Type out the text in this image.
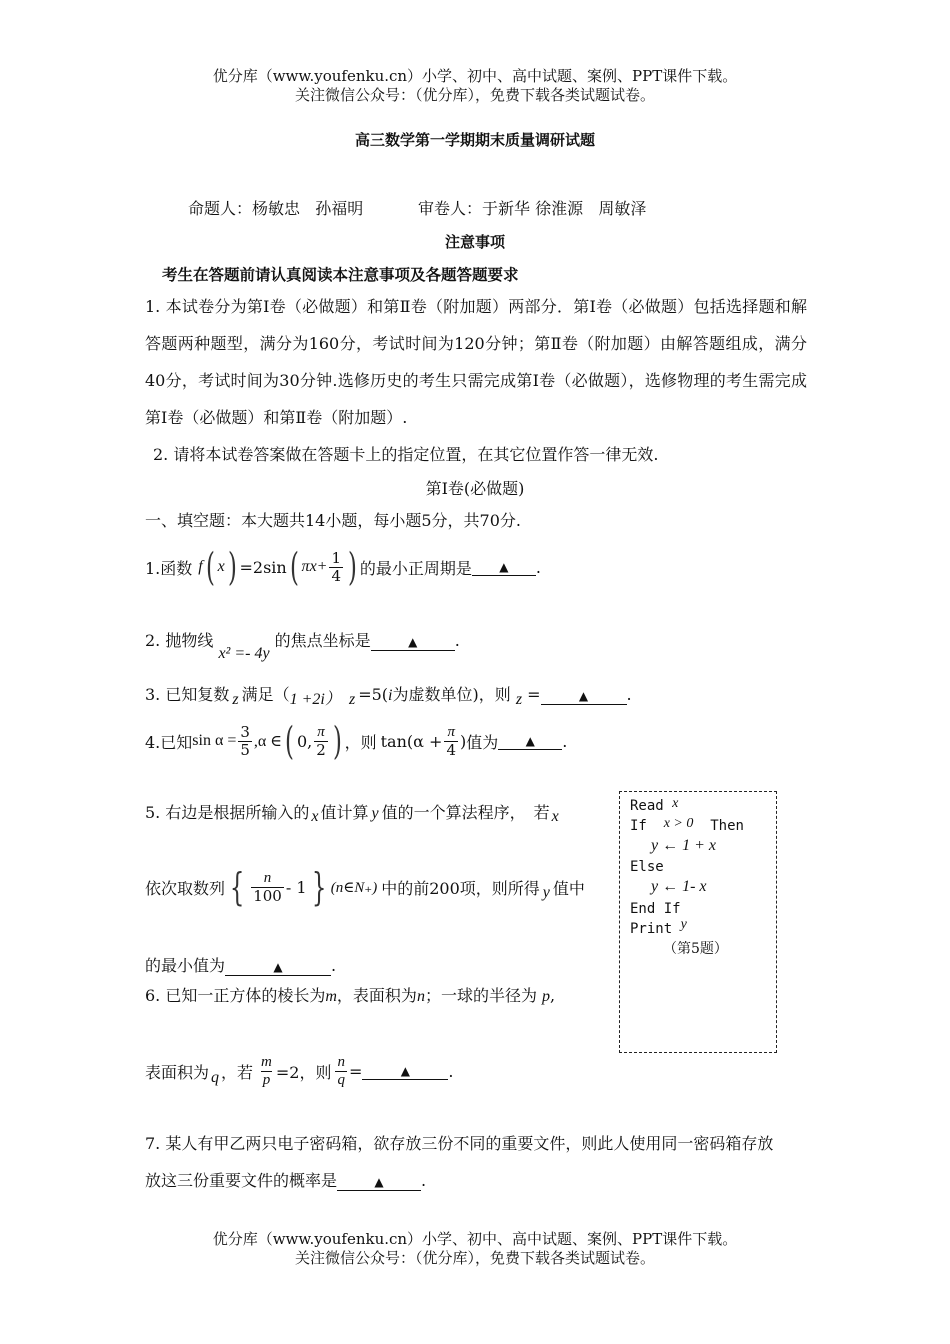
优分库（www.youfenku.cn）小学、初中、高中试题、案例、PPT课件下载。
关注微信公众号：（优分库），免费下载各类试题试卷。
高三数学第一学期期末质量调研试题
命题人：杨敏忠 孙福明	审卷人：于新华 徐淮源 周敏泽
注意事项
考生在答题前请认真阅读本注意事项及各题答题要求
1. 本试卷分为第Ⅰ卷（必做题）和第Ⅱ卷（附加题）两部分．第Ⅰ卷（必做题）包括选择题和解答题两种题型，满分为160分，考试时间为120分钟；第Ⅱ卷（附加题）由解答题组成，满分40分，考试时间为30分钟.选修历史的考生只需完成第Ⅰ卷（必做题），选修物理的考生需完成第Ⅰ卷（必做题）和第Ⅱ卷（附加题）.
2. 请将本试卷答案做在答题卡上的指定位置，在其它位置作答一律无效.
第Ⅰ卷(必做题)
一、填空题：本大题共14小题，每小题5分，共70分.
1.函数 f ( x ) =2sin ( $\pi x+ \frac{1}{4}$ ) 的最小正周期是	▲	.
2. 抛物线 x² =- 4y 的焦点坐标是	▲ .
3. 已知复数 z 满足（1 +2i） z =5(i为虚数单位)，则 z =	▲ .
4.已知 $\sin \alpha = \frac{3}{5} ,\alpha$ ∈ ( 0, $\frac{\pi}{2}$ ) ，则 $\tan(\alpha + \frac{\pi}{4}$ ) 值为	▲	.
5. 右边是根据所输入的 x 值计算 y 值的一个算法程序，　若 x
依次取数列 { $\frac{n}{100} - 1$ } (n∈N₊) 中的前200项，则所得 y 值中
的最小值为	▲	.
Read x
If x > 0 Then
y ← 1 + x
Else
y ← 1- x
End If
Print y
（第5题）
6. 已知一正方体的棱长为m，表面积为n；一球的半径为 p,
表面积为 q ，若 $\frac{m}{p} =2$，则 $\frac{n}{q}$ =	▲	.
7. 某人有甲乙两只电子密码箱，欲存放三份不同的重要文件，则此人使用同一密码箱存放
放这三份重要文件的概率是	▲ .
优分库（www.youfenku.cn）小学、初中、高中试题、案例、PPT课件下载。
关注微信公众号：（优分库），免费下载各类试题试卷。
